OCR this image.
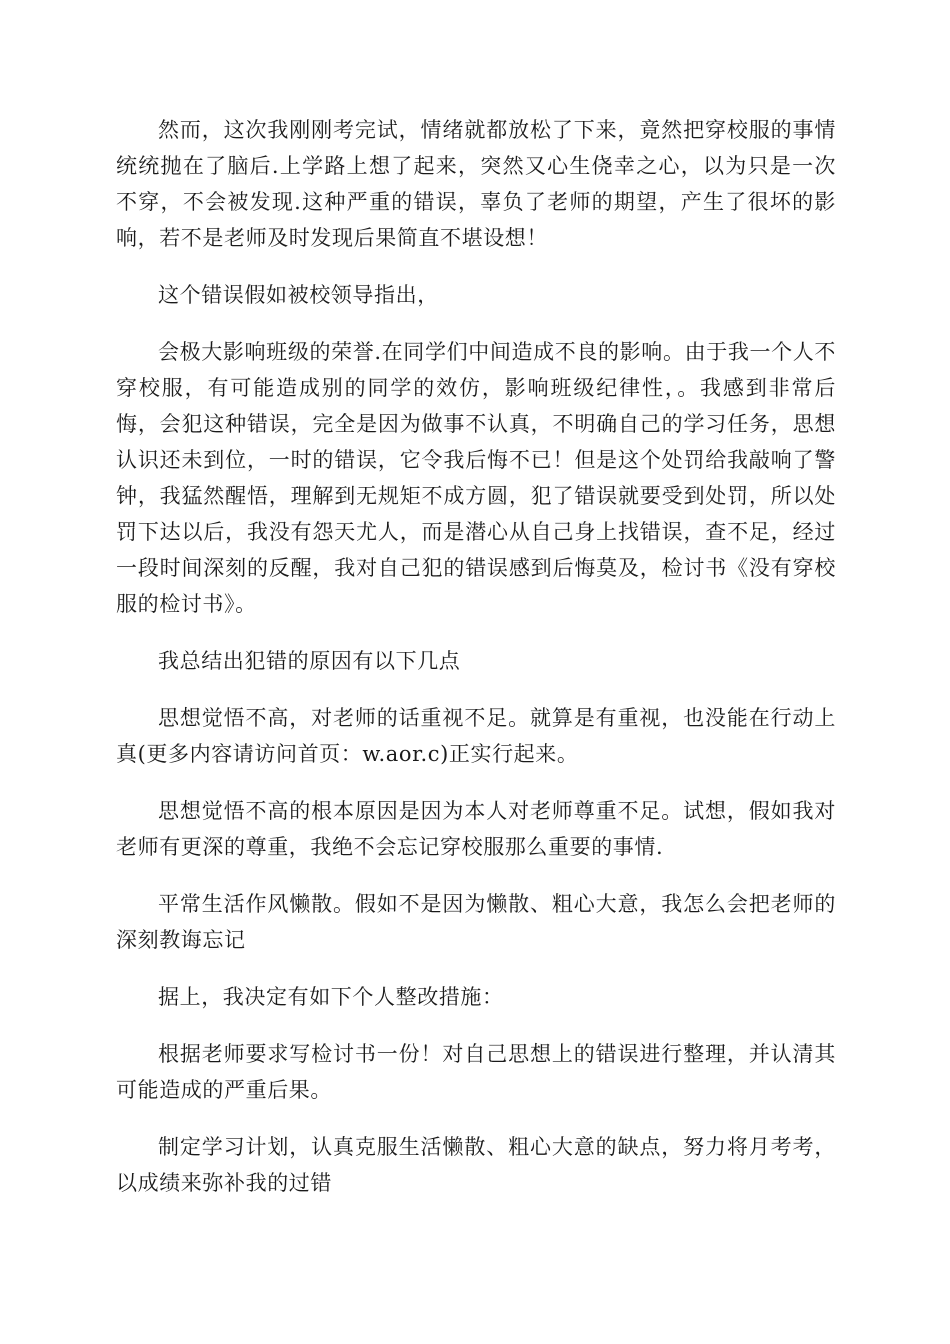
然而，这次我刚刚考完试，情绪就都放松了下来，竟然把穿校服的事情统统抛在了脑后.上学路上想了起来，突然又心生侥幸之心，以为只是一次不穿，不会被发现.这种严重的错误，辜负了老师的期望，产生了很坏的影响，若不是老师及时发现后果简直不堪设想！

这个错误假如被校领导指出，

会极大影响班级的荣誉.在同学们中间造成不良的影响。由于我一个人不穿校服，有可能造成别的同学的效仿，影响班级纪律性，。我感到非常后悔，会犯这种错误，完全是因为做事不认真，不明确自己的学习任务，思想认识还未到位，一时的错误，它令我后悔不已！但是这个处罚给我敲响了警钟，我猛然醒悟，理解到无规矩不成方圆，犯了错误就要受到处罚，所以处罚下达以后，我没有怨天尤人，而是潜心从自己身上找错误，查不足，经过一段时间深刻的反醒，我对自己犯的错误感到后悔莫及，检讨书《没有穿校服的检讨书》。

我总结出犯错的原因有以下几点

思想觉悟不高，对老师的话重视不足。就算是有重视，也没能在行动上真(更多内容请访问首页：w.aor.c)正实行起来。

思想觉悟不高的根本原因是因为本人对老师尊重不足。试想，假如我对老师有更深的尊重，我绝不会忘记穿校服那么重要的事情.

平常生活作风懒散。假如不是因为懒散、粗心大意，我怎么会把老师的深刻教诲忘记

据上，我决定有如下个人整改措施：

根据老师要求写检讨书一份！对自己思想上的错误进行整理，并认清其可能造成的严重后果。

制定学习计划，认真克服生活懒散、粗心大意的缺点，努力将月考考，以成绩来弥补我的过错
